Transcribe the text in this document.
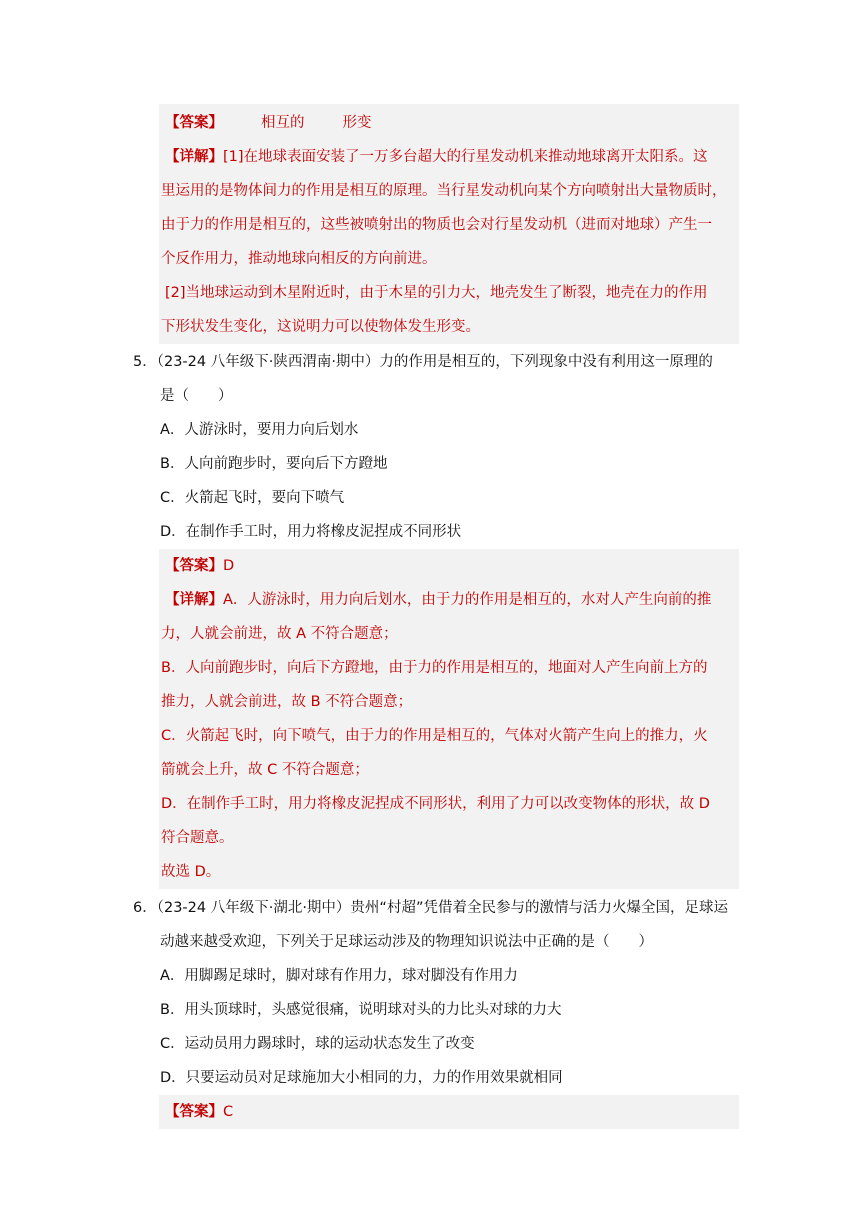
【答案】	相互的	形变
【详解】[1]在地球表面安装了一万多台超大的行星发动机来推动地球离开太阳系。这
里运用的是物体间力的作用是相互的原理。当行星发动机向某个方向喷射出大量物质时，
由于力的作用是相互的，这些被喷射出的物质也会对行星发动机（进而对地球）产生一
个反作用力，推动地球向相反的方向前进。
[2]当地球运动到木星附近时，由于木星的引力大，地壳发生了断裂，地壳在力的作用
下形状发生变化，这说明力可以使物体发生形变。
5．（23-24 八年级下·陕西渭南·期中）力的作用是相互的，下列现象中没有利用这一原理的
是（　　）
A．人游泳时，要用力向后划水
B．人向前跑步时，要向后下方蹬地
C．火箭起飞时，要向下喷气
D．在制作手工时，用力将橡皮泥捏成不同形状
【答案】D
【详解】A．人游泳时，用力向后划水，由于力的作用是相互的，水对人产生向前的推
力，人就会前进，故 A 不符合题意；
B．人向前跑步时，向后下方蹬地，由于力的作用是相互的，地面对人产生向前上方的
推力，人就会前进，故 B 不符合题意；
C．火箭起飞时，向下喷气，由于力的作用是相互的，气体对火箭产生向上的推力，火
箭就会上升，故 C 不符合题意；
D．在制作手工时，用力将橡皮泥捏成不同形状，利用了力可以改变物体的形状，故 D
符合题意。
故选 D。
6．（23-24 八年级下·湖北·期中）贵州“村超”凭借着全民参与的激情与活力火爆全国，足球运
动越来越受欢迎，下列关于足球运动涉及的物理知识说法中正确的是（　　）
A．用脚踢足球时，脚对球有作用力，球对脚没有作用力
B．用头顶球时，头感觉很痛，说明球对头的力比头对球的力大
C．运动员用力踢球时，球的运动状态发生了改变
D．只要运动员对足球施加大小相同的力，力的作用效果就相同
【答案】C
